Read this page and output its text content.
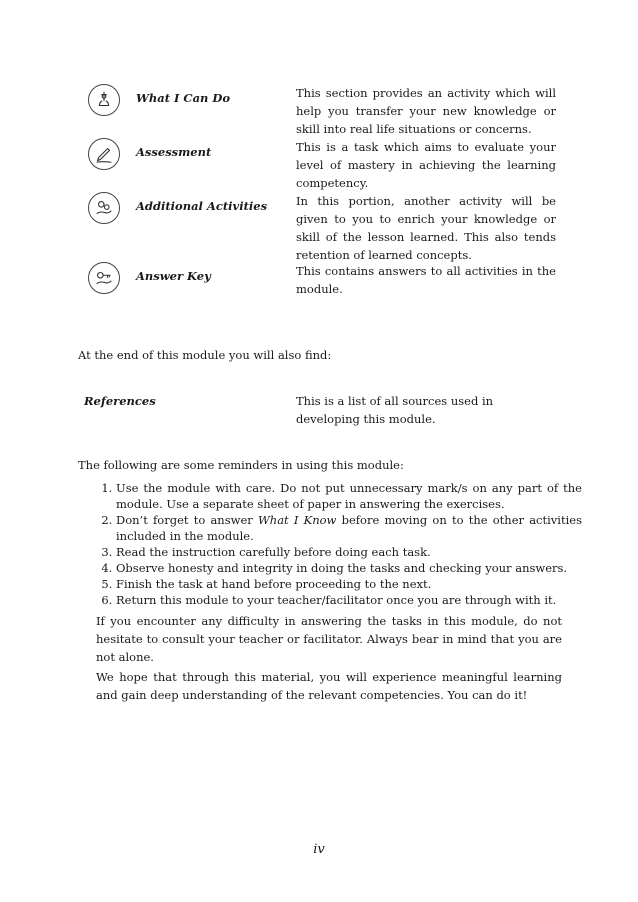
What I Can Do	This section provides an activity which will help you transfer your new knowledge or skill into real life situations or concerns.
Assessment	This is a task which aims to evaluate your level of mastery in achieving the learning competency.
Additional Activities	In this portion, another activity will be given to you to enrich your knowledge or skill of the lesson learned. This also tends retention of learned concepts.
Answer Key	This contains answers to all activities in the module.
At the end of this module you will also find:
References	This is a list of all sources used in developing this module.
The following are some reminders in using this module:
1. Use the module with care. Do not put unnecessary mark/s on any part of the module. Use a separate sheet of paper in answering the exercises.
2. Don’t forget to answer What I Know before moving on to the other activities included in the module.
3. Read the instruction carefully before doing each task.
4. Observe honesty and integrity in doing the tasks and checking your answers.
5. Finish the task at hand before proceeding to the next.
6. Return this module to your teacher/facilitator once you are through with it.
If you encounter any difficulty in answering the tasks in this module, do not hesitate to consult your teacher or facilitator. Always bear in mind that you are not alone.
We hope that through this material, you will experience meaningful learning and gain deep understanding of the relevant competencies. You can do it!
iv
